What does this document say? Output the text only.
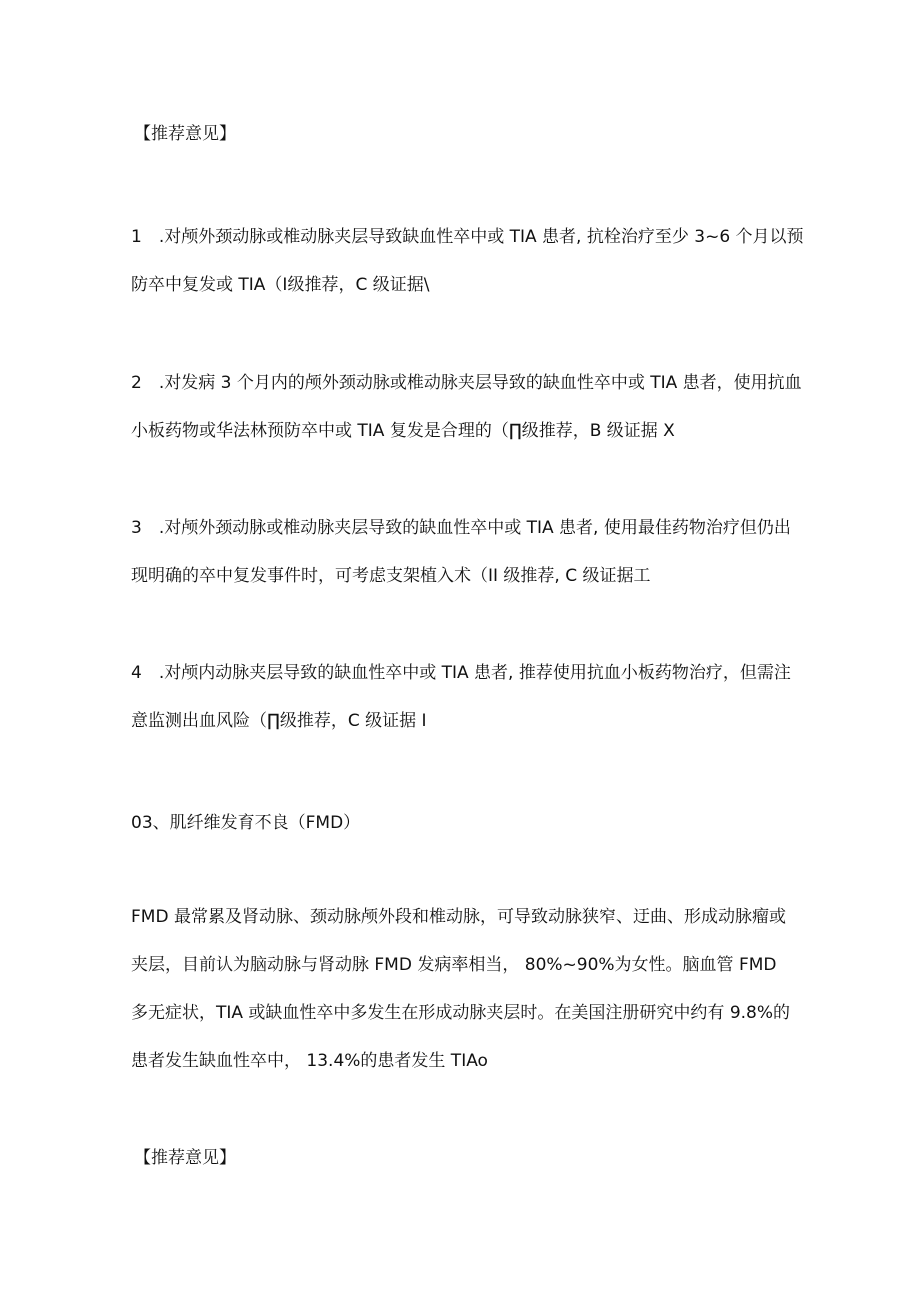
【推荐意见】
1　.对颅外颈动脉或椎动脉夹层导致缺血性卒中或 TIA 患者, 抗栓治疗至少 3~6 个月以预
防卒中复发或 TIA（Ⅰ级推荐，C 级证据\
2　.对发病 3 个月内的颅外颈动脉或椎动脉夹层导致的缺血性卒中或 TIA 患者，使用抗血
小板药物或华法林预防卒中或 TIA 复发是合理的（∏级推荐，B 级证据 X
3　.对颅外颈动脉或椎动脉夹层导致的缺血性卒中或 TIA 患者, 使用最佳药物治疗但仍出
现明确的卒中复发事件时，可考虑支架植入术（II 级推荐, C 级证据工
4　.对颅内动脉夹层导致的缺血性卒中或 TIA 患者, 推荐使用抗血小板药物治疗，但需注
意监测出血风险（∏级推荐，C 级证据 I
03、肌纤维发育不良（FMD）
FMD 最常累及肾动脉、颈动脉颅外段和椎动脉，可导致动脉狭窄、迂曲、形成动脉瘤或
夹层，目前认为脑动脉与肾动脉 FMD 发病率相当， 80%~90%为女性。脑血管 FMD
多无症状，TIA 或缺血性卒中多发生在形成动脉夹层时。在美国注册研究中约有 9.8%的
患者发生缺血性卒中， 13.4%的患者发生 TIAo
【推荐意见】
